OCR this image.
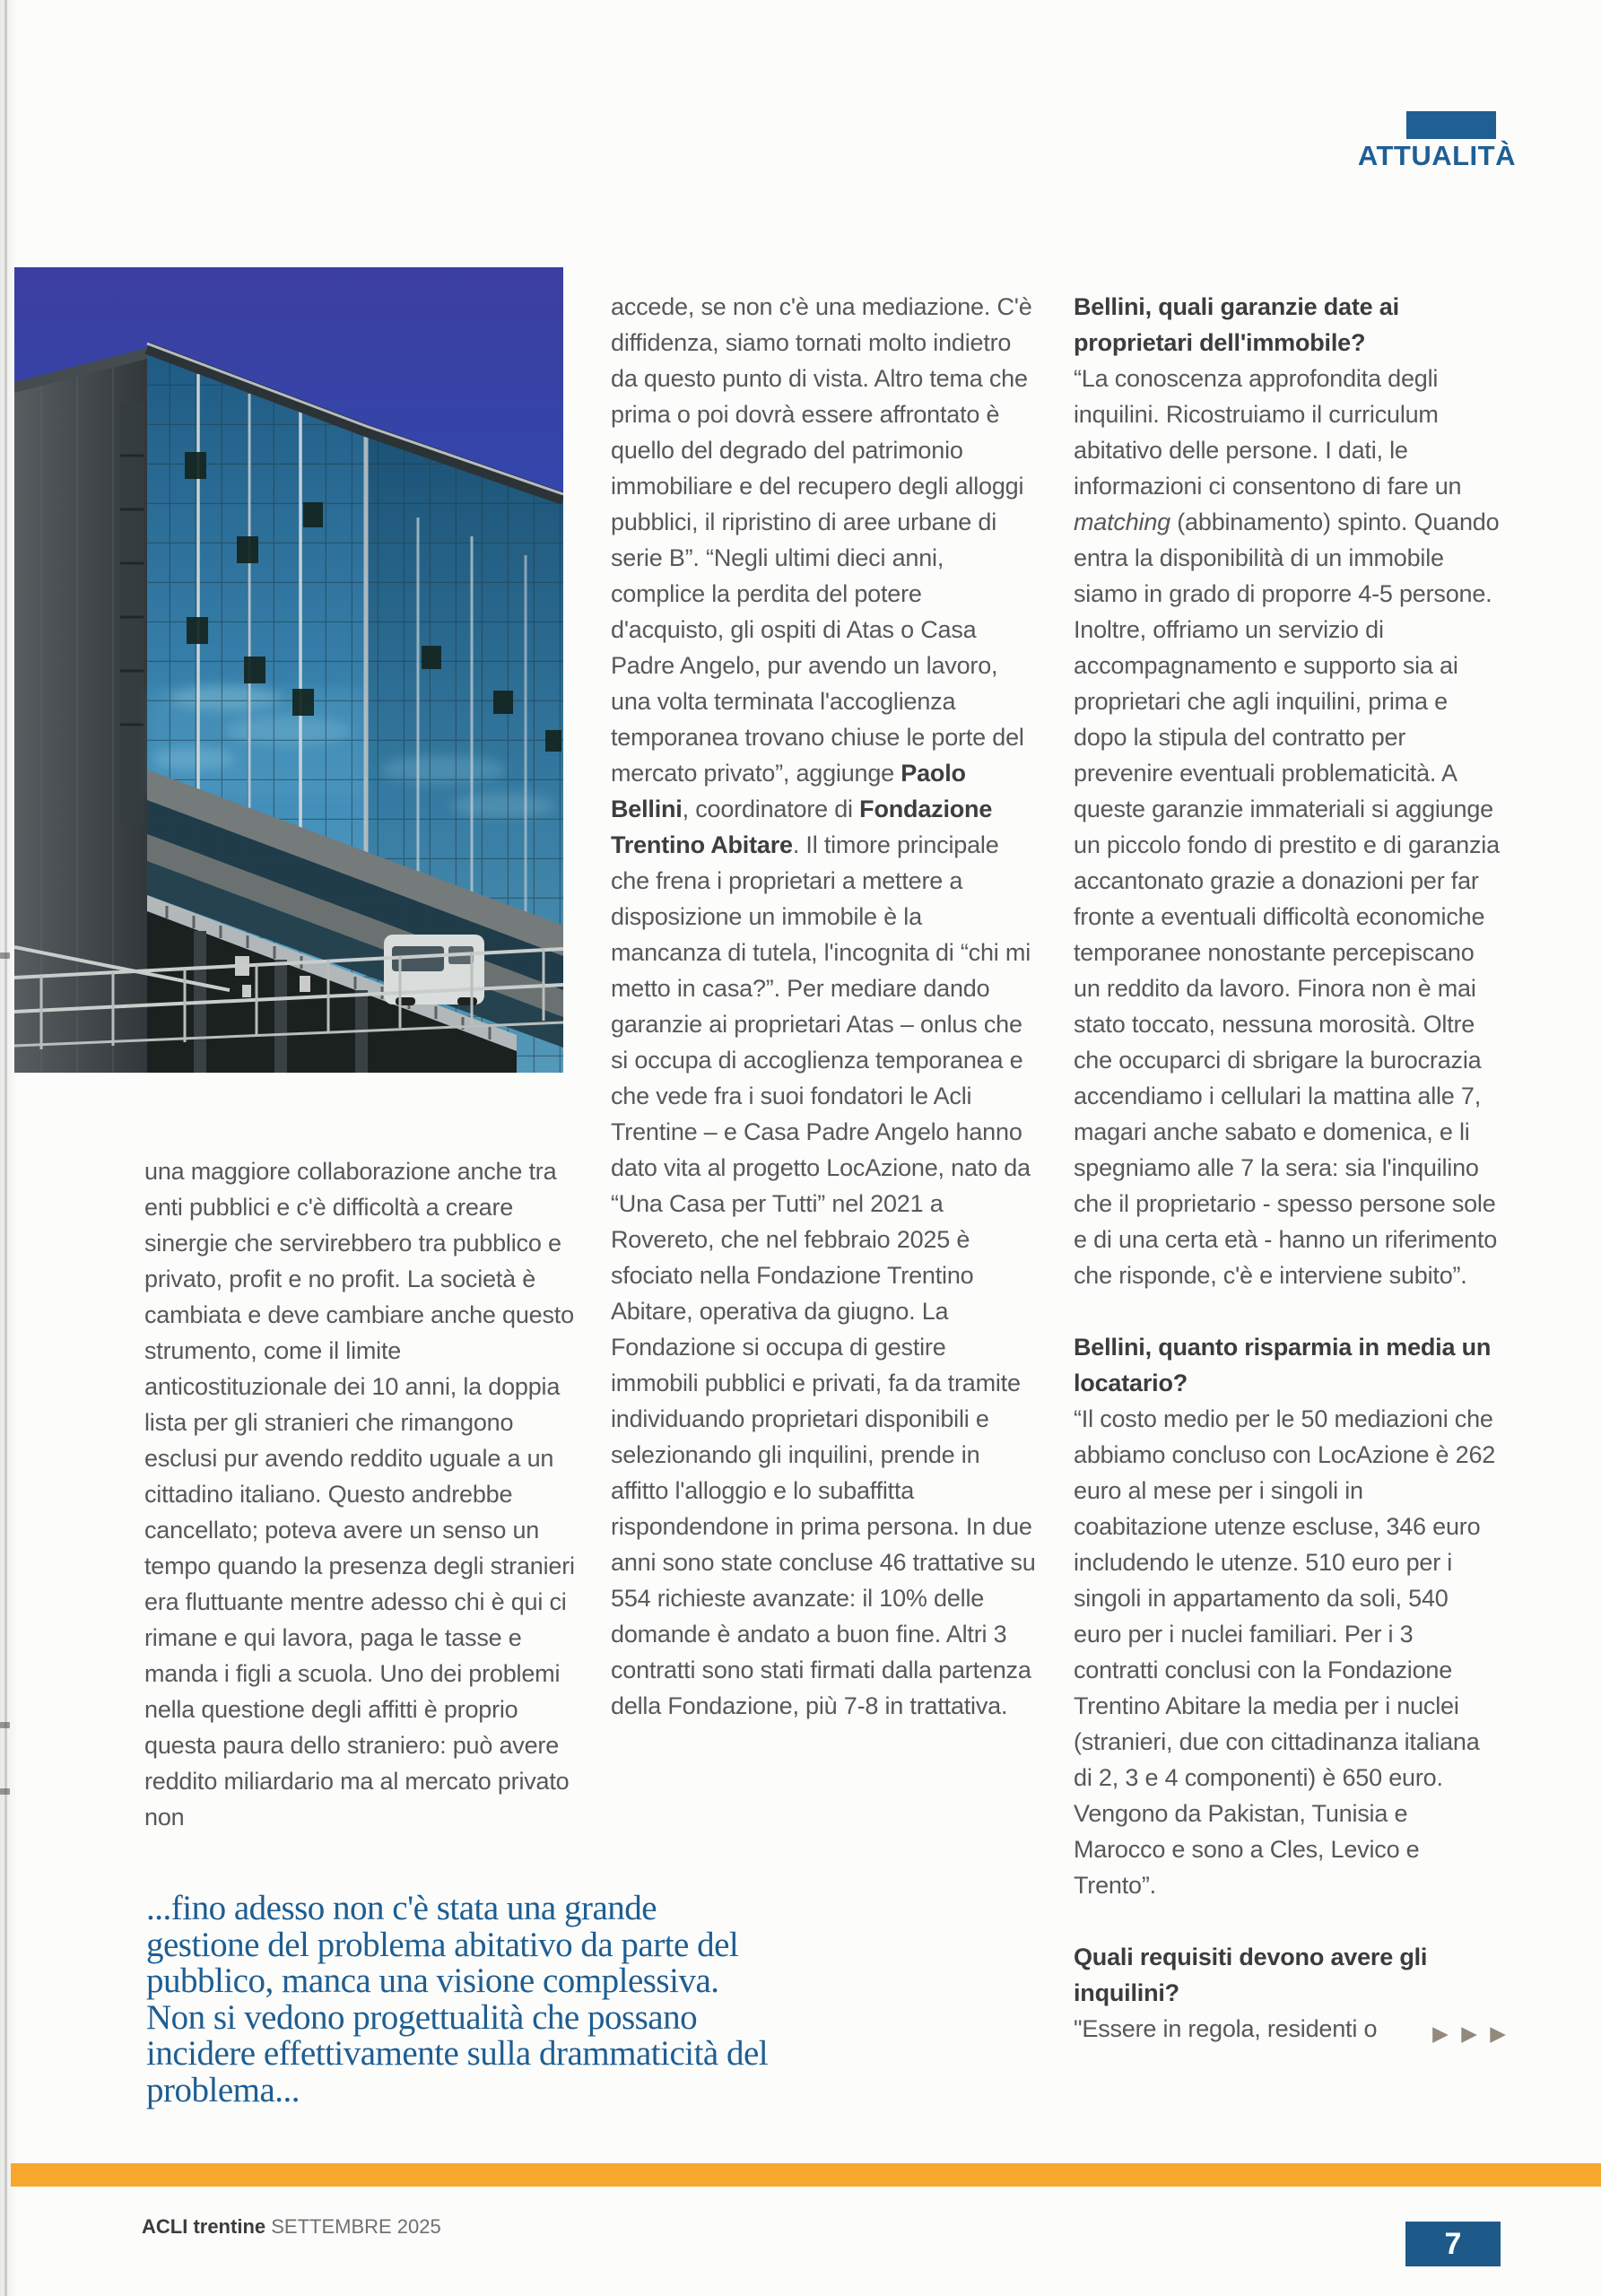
ATTUALITÀ

una maggiore collaborazione anche tra enti pubblici e c'è difficoltà a creare sinergie che servirebbero tra pubblico e privato, profit e no profit. La società è cambiata e deve cambiare anche questo strumento, come il limite anticostituzionale dei 10 anni, la doppia lista per gli stranieri che rimangono esclusi pur avendo reddito uguale a un cittadino italiano. Questo andrebbe cancellato; poteva avere un senso un tempo quando la presenza degli stranieri era fluttuante mentre adesso chi è qui ci rimane e qui lavora, paga le tasse e manda i figli a scuola. Uno dei problemi nella questione degli affitti è proprio questa paura dello straniero: può avere reddito miliardario ma al mercato privato non

accede, se non c'è una mediazione. C'è diffidenza, siamo tornati molto indietro da questo punto di vista. Altro tema che prima o poi dovrà essere affrontato è quello del degrado del patrimonio immobiliare e del recupero degli alloggi pubblici, il ripristino di aree urbane di serie B”. “Negli ultimi dieci anni, complice la perdita del potere d'acquisto, gli ospiti di Atas o Casa Padre Angelo, pur avendo un lavoro, una volta terminata l'accoglienza temporanea trovano chiuse le porte del mercato privato”, aggiunge Paolo Bellini, coordinatore di Fondazione Trentino Abitare. Il timore principale che frena i proprietari a mettere a disposizione un immobile è la mancanza di tutela, l'incognita di “chi mi metto in casa?”. Per mediare dando garanzie ai proprietari Atas – onlus che si occupa di accoglienza temporanea e che vede fra i suoi fondatori le Acli Trentine – e Casa Padre Angelo hanno dato vita al progetto LocAzione, nato da “Una Casa per Tutti” nel 2021 a Rovereto, che nel febbraio 2025 è sfociato nella Fondazione Trentino Abitare, operativa da giugno. La Fondazione si occupa di gestire immobili pubblici e privati, fa da tramite individuando proprietari disponibili e selezionando gli inquilini, prende in affitto l'alloggio e lo subaffitta rispondendone in prima persona. In due anni sono state concluse 46 trattative su 554 richieste avanzate: il 10% delle domande è andato a buon fine. Altri 3 contratti sono stati firmati dalla partenza della Fondazione, più 7-8 in trattativa.

Bellini, quali garanzie date ai proprietari dell'immobile?

“La conoscenza approfondita degli inquilini. Ricostruiamo il curriculum abitativo delle persone. I dati, le informazioni ci consentono di fare un matching (abbinamento) spinto. Quando entra la disponibilità di un immobile siamo in grado di proporre 4-5 persone. Inoltre, offriamo un servizio di accompagnamento e supporto sia ai proprietari che agli inquilini, prima e dopo la stipula del contratto per prevenire eventuali problematicità. A queste garanzie immateriali si aggiunge un piccolo fondo di prestito e di garanzia accantonato grazie a donazioni per far fronte a eventuali difficoltà economiche temporanee nonostante percepiscano un reddito da lavoro. Finora non è mai stato toccato, nessuna morosità. Oltre che occuparci di sbrigare la burocrazia accendiamo i cellulari la mattina alle 7, magari anche sabato e domenica, e li spegniamo alle 7 la sera: sia l'inquilino che il proprietario - spesso persone sole e di una certa età - hanno un riferimento che risponde, c'è e interviene subito”.

Bellini, quanto risparmia in media un locatario?

“Il costo medio per le 50 mediazioni che abbiamo concluso con LocAzione è 262 euro al mese per i singoli in coabitazione utenze escluse, 346 euro includendo le utenze. 510 euro per i singoli in appartamento da soli, 540 euro per i nuclei familiari. Per i 3 contratti conclusi con la Fondazione Trentino Abitare la media per i nuclei (stranieri, due con cittadinanza italiana di 2, 3 e 4 componenti) è 650 euro. Vengono da Pakistan, Tunisia e Marocco e sono a Cles, Levico e Trento”.

Quali requisiti devono avere gli inquilini?

"Essere in regola, residenti o	▶ ▶ ▶

...fino adesso non c'è stata una grande
gestione del problema abitativo da parte del
pubblico, manca una visione complessiva.
Non si vedono progettualità che possano
incidere effettivamente sulla drammaticità del
problema...
ACLI trentine SETTEMBRE 2025
7
